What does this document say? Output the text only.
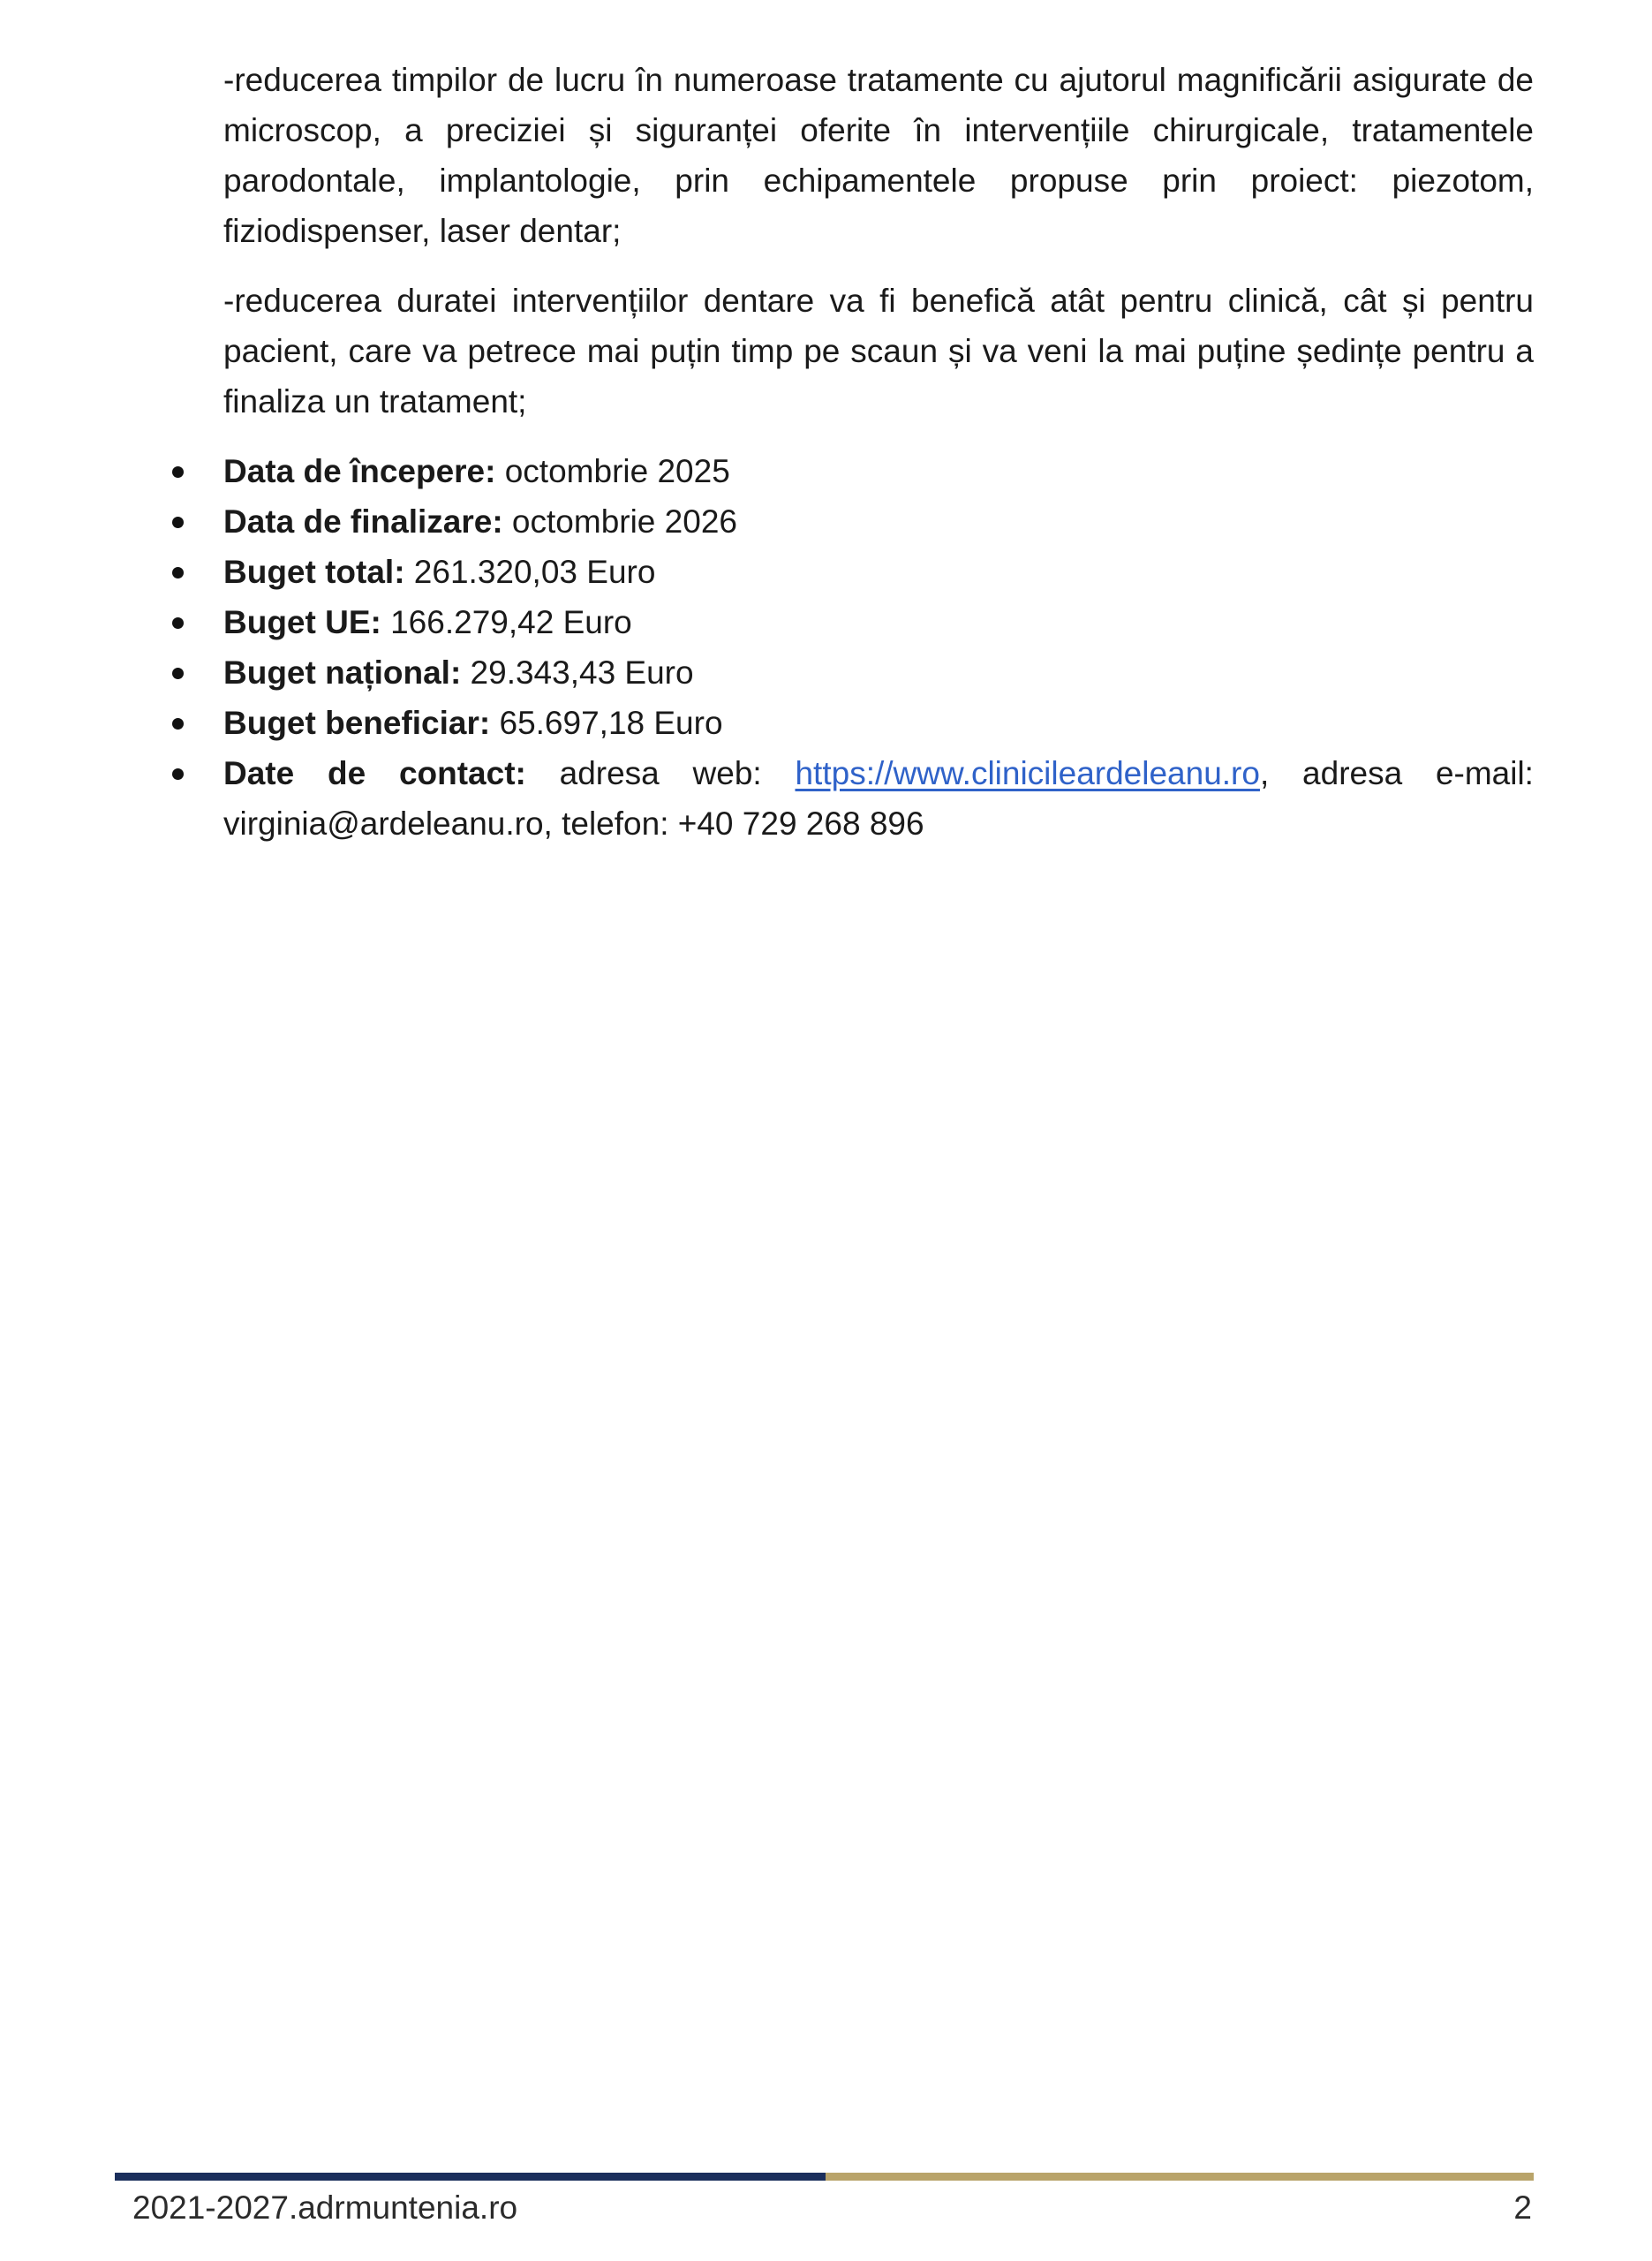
-reducerea timpilor de lucru în numeroase tratamente cu ajutorul magnificării asigurate de microscop, a preciziei și siguranței oferite în intervențiile chirurgicale, tratamentele parodontale, implantologie, prin echipamentele propuse prin proiect: piezotom, fiziodispenser, laser dentar;

-reducerea duratei intervențiilor dentare va fi benefică atât pentru clinică, cât și pentru pacient, care va petrece mai puțin timp pe scaun și va veni la mai puține ședințe pentru a finaliza un tratament;

Data de începere: octombrie 2025
Data de finalizare: octombrie 2026
Buget total: 261.320,03 Euro
Buget UE: 166.279,42 Euro
Buget național: 29.343,43 Euro
Buget beneficiar: 65.697,18 Euro
Date de contact: adresa web: https://www.clinicileardeleanu.ro, adresa e-mail: virginia@ardeleanu.ro, telefon: +40 729 268 896
2021-2027.adrmuntenia.ro	2
